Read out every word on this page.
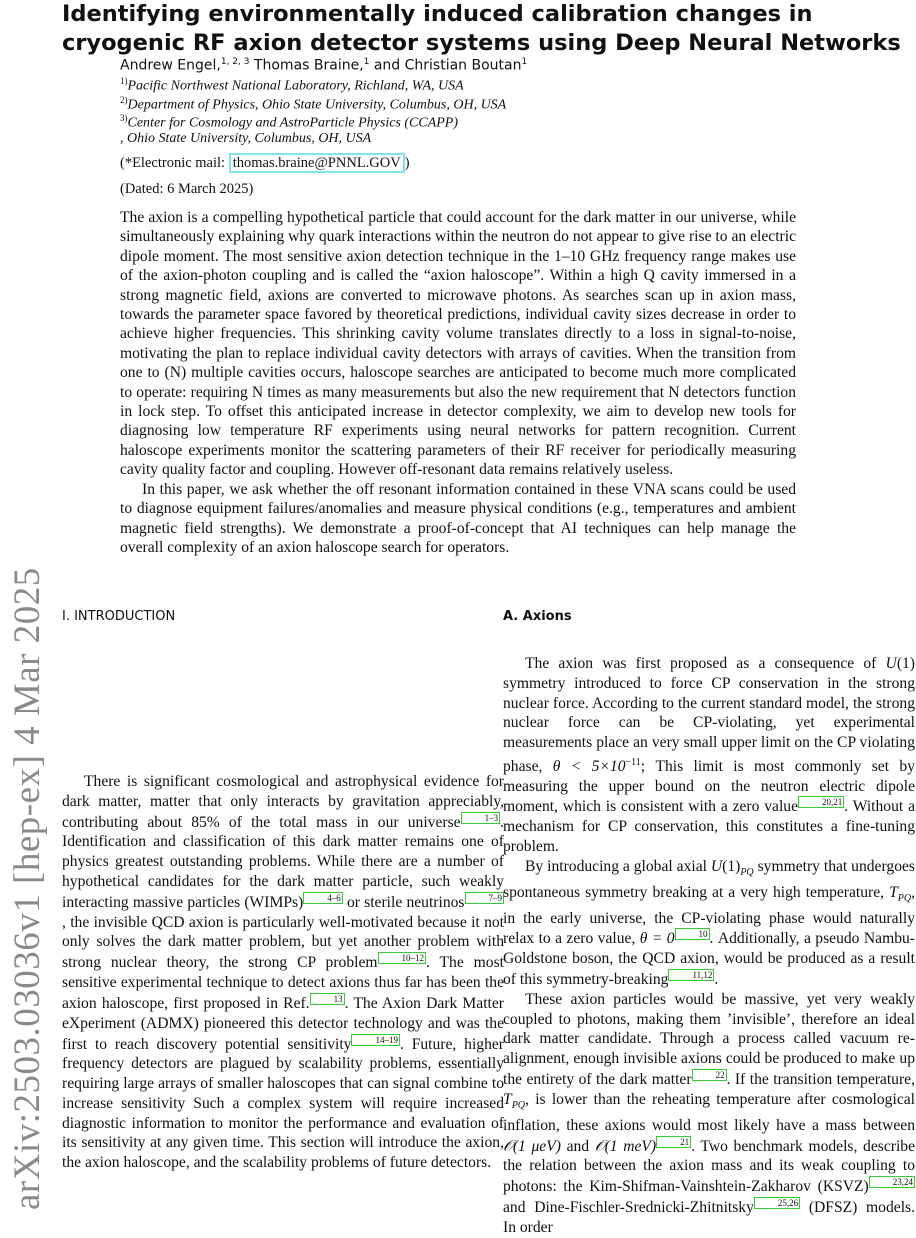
arXiv:2503.03036v1 [hep-ex] 4 Mar 2025
Identifying environmentally induced calibration changes in cryogenic RF axion detector systems using Deep Neural Networks
Andrew Engel,$^{1, 2, 3}$ Thomas Braine,$^1$ and Christian Boutan$^1$
$^{1)}$Pacific Northwest National Laboratory, Richland, WA, USA
$^{2)}$Department of Physics, Ohio State University, Columbus, OH, USA
$^{3)}$Center for Cosmology and AstroParticle Physics (CCAPP)
, Ohio State University, Columbus, OH, USA
(*Electronic mail: thomas.braine@PNNL.GOV )
(Dated: 6 March 2025)

The axion is a compelling hypothetical particle that could account for the dark matter in our universe, while simultaneously explaining why quark interactions within the neutron do not appear to give rise to an electric dipole moment. The most sensitive axion detection technique in the 1–10 GHz frequency range makes use of the axion-photon coupling and is called the “axion haloscope”. Within a high Q cavity immersed in a strong magnetic field, axions are converted to microwave photons. As searches scan up in axion mass, towards the parameter space favored by theoretical predictions, individual cavity sizes decrease in order to achieve higher frequencies. This shrinking cavity volume translates directly to a loss in signal-to-noise, motivating the plan to replace individual cavity detectors with arrays of cavities. When the transition from one to (N) multiple cavities occurs, haloscope searches are anticipated to become much more complicated to operate: requiring N times as many measurements but also the new requirement that N detectors function in lock step. To offset this anticipated increase in detector complexity, we aim to develop new tools for diagnosing low temperature RF experiments using neural networks for pattern recognition. Current haloscope experiments monitor the scattering parameters of their RF receiver for periodically measuring cavity quality factor and coupling. However off-resonant data remains relatively useless.

In this paper, we ask whether the off resonant information contained in these VNA scans could be used to diagnose equipment failures/anomalies and measure physical conditions (e.g., temperatures and ambient magnetic field strengths). We demonstrate a proof-of-concept that AI techniques can help manage the overall complexity of an axion haloscope search for operators.

I. INTRODUCTION	A. Axions

There is significant cosmological and astrophysical evidence for dark matter, matter that only interacts by gravitation appreciably, contributing about 85% of the total mass in our universe	1–3 . Identification and classification of this dark matter remains one of physics greatest outstanding problems. While there are a number of hypothetical candidates for the dark matter particle, such weakly interacting massive particles (WIMPs)	4–6 or sterile neutrinos	7–9, the invisible QCD axion is particularly well-motivated because it not only solves the dark matter problem, but yet another problem with strong nuclear theory, the strong CP problem	10–12 . The most sensitive experimental technique to detect axions thus far has been the axion haloscope, first proposed in Ref.	13 . The Axion Dark Matter eXperiment (ADMX) pioneered this detector technology and was the first to reach discovery potential sensitivity	14–19 . Future, higher frequency detectors are plagued by scalability problems, essentially requiring large arrays of smaller haloscopes that can signal combine to increase sensitivity Such a complex system will require increased diagnostic information to monitor the performance and evaluation of its sensitivity at any given time. This section will introduce the axion, the axion haloscope, and the scalability problems of future detectors.

The axion was first proposed as a consequence of U(1) symmetry introduced to force CP conservation in the strong nuclear force. According to the current standard model, the strong nuclear force can be CP-violating, yet experimental measurements place an very small upper limit on the CP violating phase, $\theta < 5\times 10^{-11}$; This limit is most commonly set by measuring the upper bound on the neutron electric dipole moment, which is consistent with a zero value	20,21 . Without a mechanism for CP conservation, this constitutes a fine-tuning problem.

By introducing a global axial $U(1)_{PQ}$ symmetry that undergoes spontaneous symmetry breaking at a very high temperature, $T_{PQ}$, in the early universe, the CP-violating phase would naturally relax to a zero value, θ = 0	10 . Additionally, a pseudo Nambu-Goldstone boson, the QCD axion, would be produced as a result of this symmetry-breaking	11,12 .

These axion particles would be massive, yet very weakly coupled to photons, making them ’invisible’, therefore an ideal dark matter candidate. Through a process called vacuum re-alignment, enough invisible axions could be produced to make up the entirety of the dark matter	22 . If the transition temperature, $T_{PQ}$, is lower than the reheating temperature after cosmological inflation, these axions would most likely have a mass between 𝒪(1 μeV) and 𝒪(1 meV)	21 . Two benchmark models, describe the relation between the axion mass and its weak coupling to photons: the Kim-Shifman-Vainshtein-Zakharov (KSVZ)	23,24 and Dine-Fischler-Srednicki-Zhitnitsky	25,26 (DFSZ) models. In order
